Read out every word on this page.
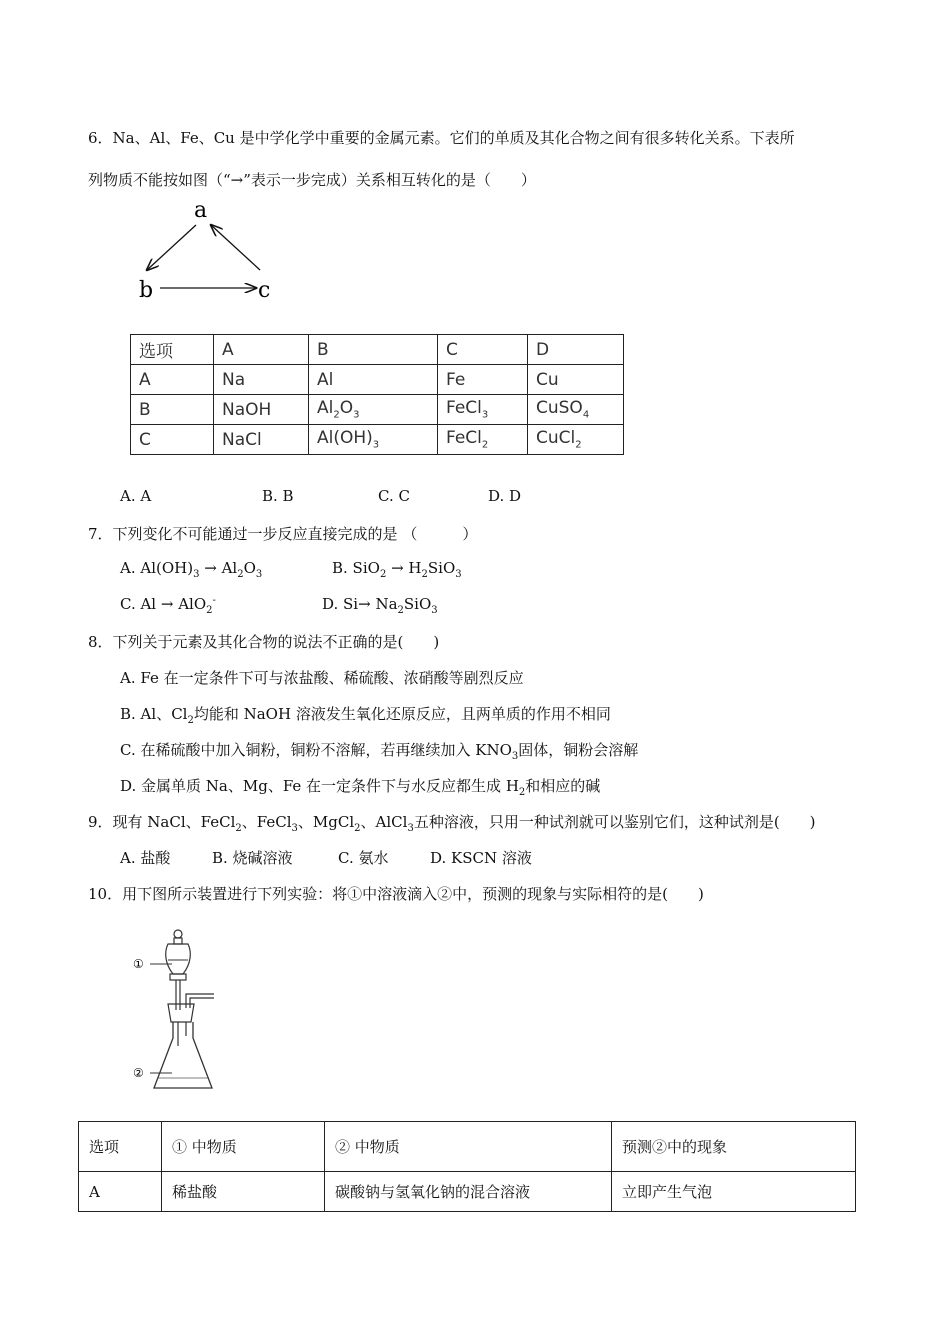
6．Na、Al、Fe、Cu 是中学化学中重要的金属元素。它们的单质及其化合物之间有很多转化关系。下表所
列物质不能按如图（“→”表示一步完成）关系相互转化的是（　　）
a
b	c
选项	A	B	C	D
A	Na	Al	Fe	Cu
B	NaOH	$Al_2O_3$	FeCl$_3$	CuSO$_4$
C	NaCl	$Al(OH)_3$	FeCl$_2$	CuCl$_2$
A. A	B. B	C. C	D. D
7．下列变化不可能通过一步反应直接完成的是 （　　　）
A. $Al(OH)_3 \to Al_2O_3$	B. $SiO_2 \to H_2SiO_3$
C. Al → AlO$_2$-	D. $Si\to Na_2SiO_3$
8．下列关于元素及其化合物的说法不正确的是(　　)
A. Fe 在一定条件下可与浓盐酸、稀硫酸、浓硝酸等剧烈反应
B. Al、$Cl_2$均能和 NaOH 溶液发生氧化还原反应，且两单质的作用不相同
C. 在稀硫酸中加入铜粉，铜粉不溶解，若再继续加入 $KNO_3$固体，铜粉会溶解
D. 金属单质 Na、Mg、Fe 在一定条件下与水反应都生成 $H_2$和相应的碱
9．现有 NaCl、FeCl$_2$、FeCl$_3$、MgCl$_2$、AlCl$_3$五种溶液，只用一种试剂就可以鉴别它们，这种试剂是(　　)
A. 盐酸	B. 烧碱溶液	C. 氨水	D. KSCN 溶液
10．用下图所示装置进行下列实验：将①中溶液滴入②中，预测的现象与实际相符的是(　　)
①
②
选项	① 中物质	② 中物质	预测②中的现象
A	稀盐酸	碳酸钠与氢氧化钠的混合溶液	立即产生气泡
